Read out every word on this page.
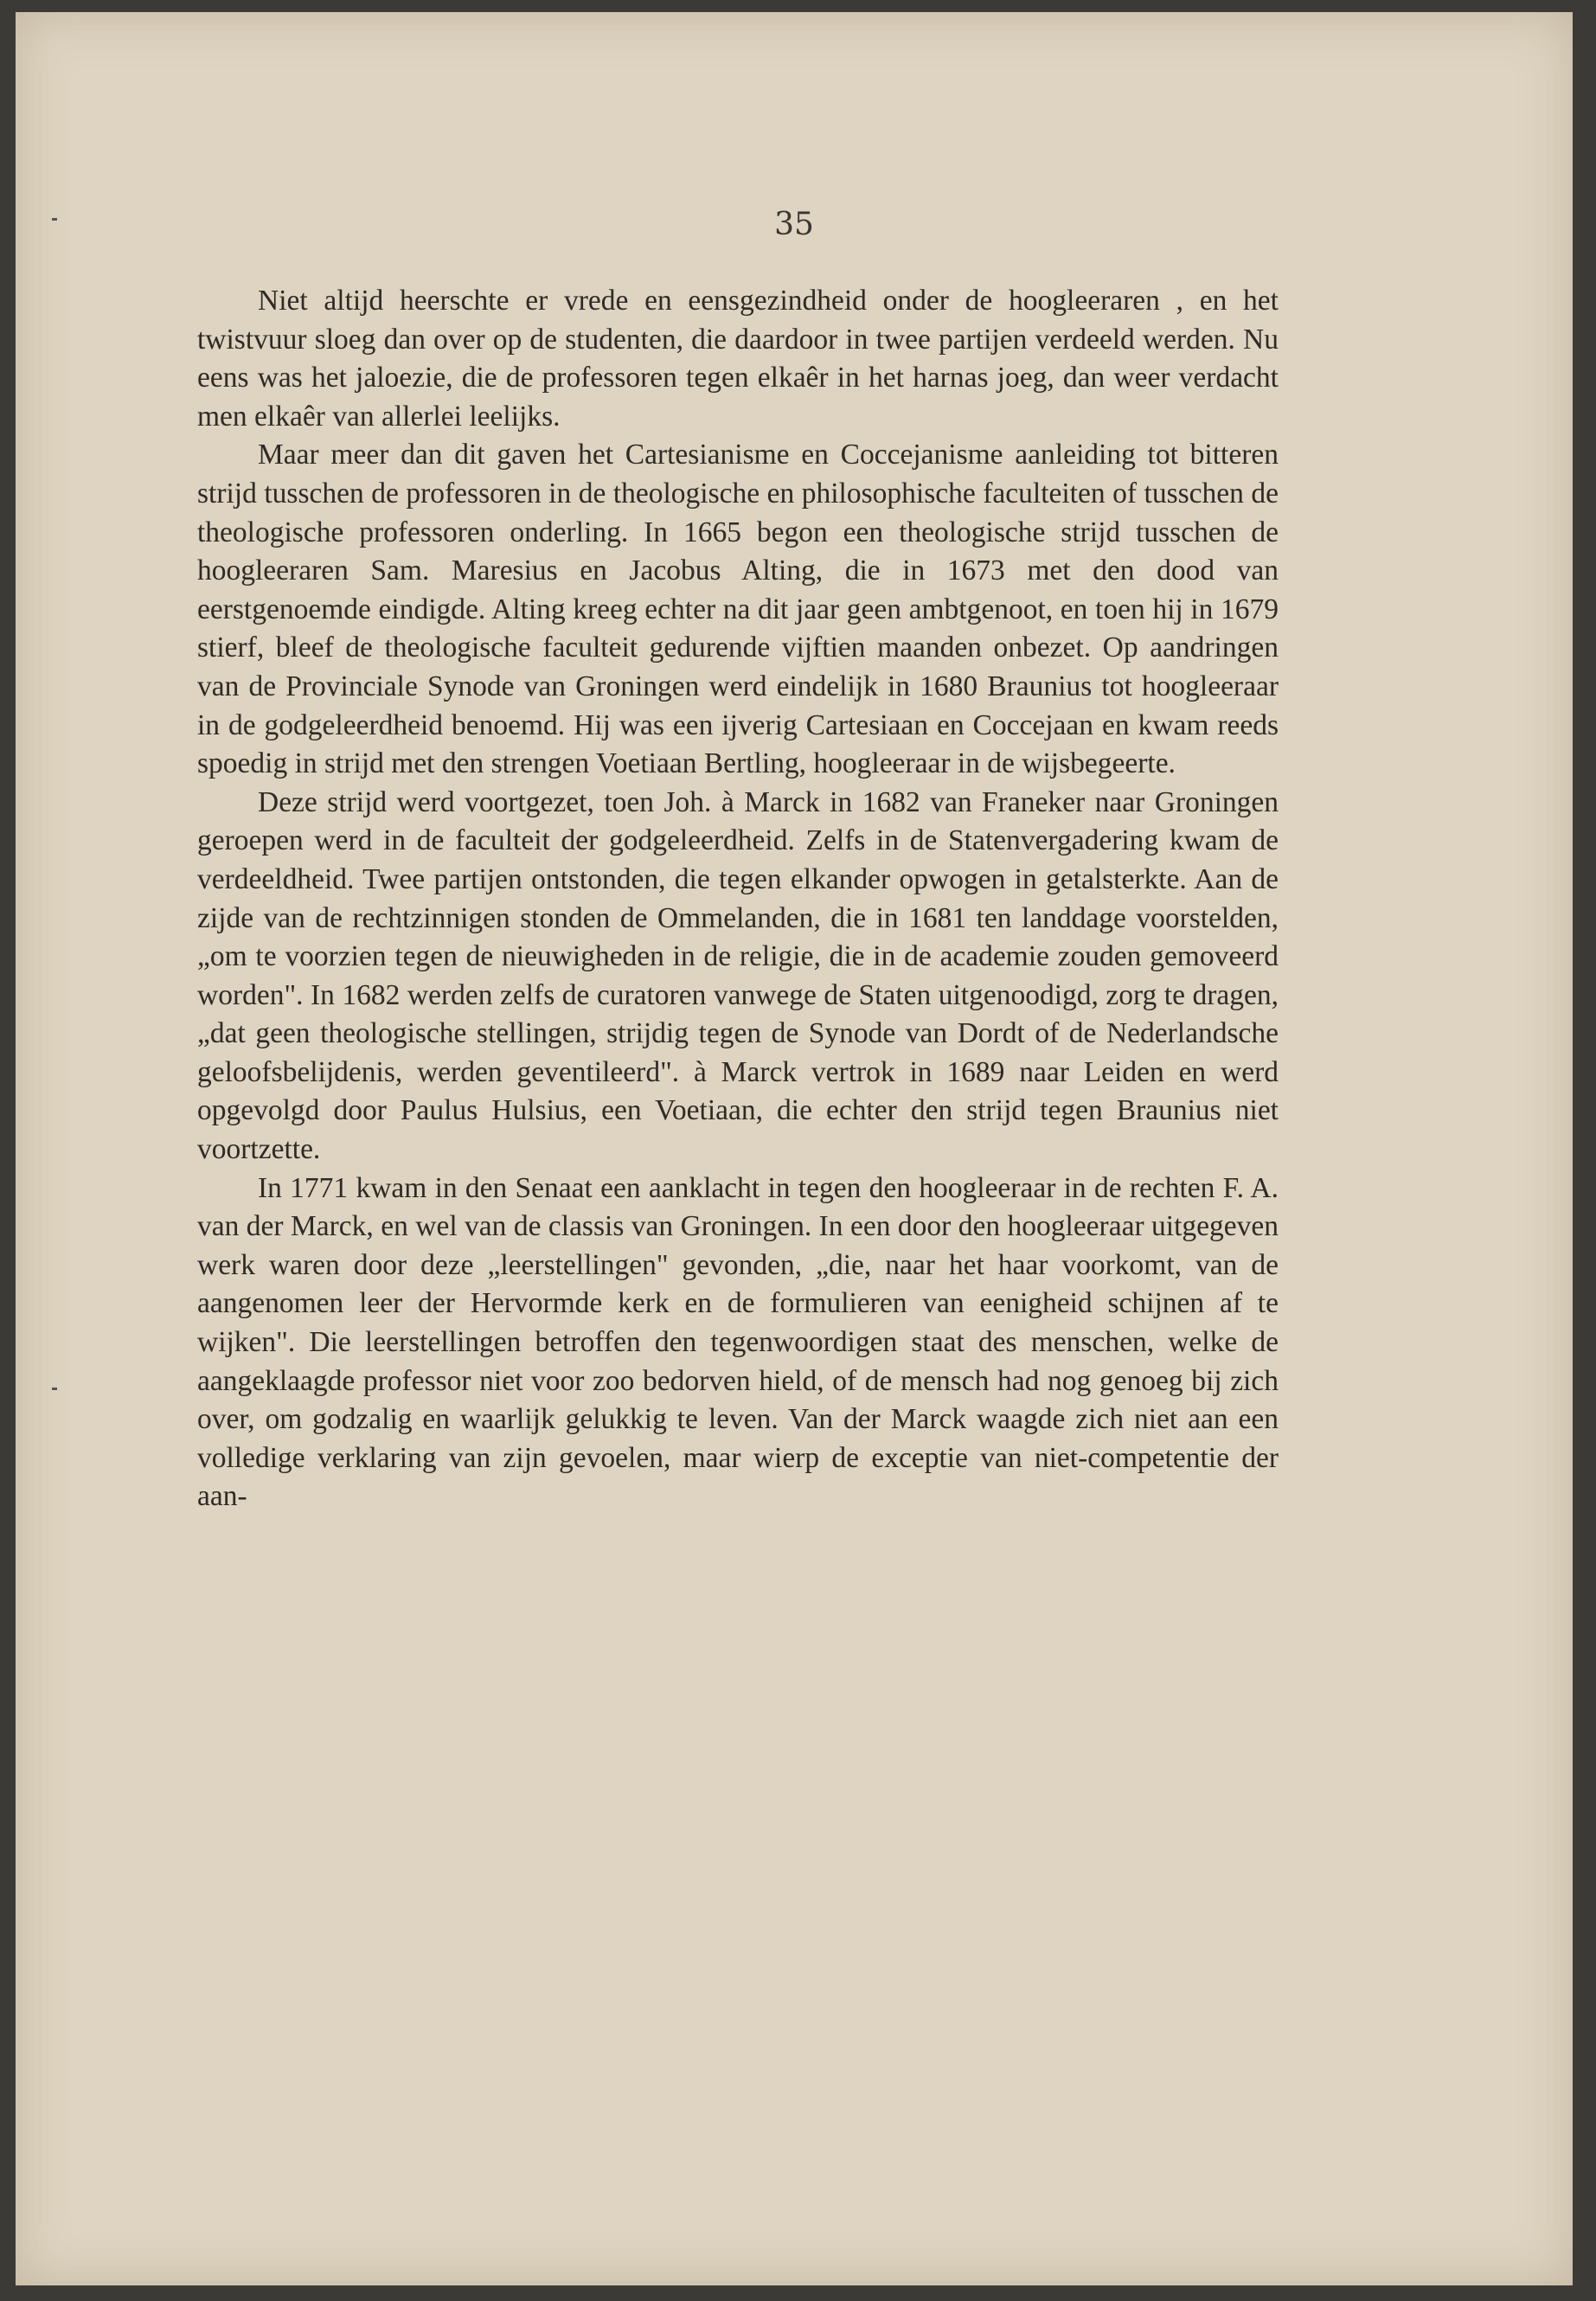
35

Niet altijd heerschte er vrede en eensgezindheid onder de hoogleeraren , en het twistvuur sloeg dan over op de studenten, die daardoor in twee partijen verdeeld werden. Nu eens was het jaloezie, die de professoren tegen elkaêr in het harnas joeg, dan weer verdacht men elkaêr van allerlei leelijks.

Maar meer dan dit gaven het Cartesianisme en Coccejanisme aanleiding tot bitteren strijd tusschen de professoren in de theologische en philosophische faculteiten of tusschen de theologische professoren onderling. In 1665 begon een theologische strijd tusschen de hoogleeraren Sam. Maresius en Jacobus Alting, die in 1673 met den dood van eerstgenoemde eindigde. Alting kreeg echter na dit jaar geen ambtgenoot, en toen hij in 1679 stierf, bleef de theologische faculteit gedurende vijftien maanden onbezet. Op aandringen van de Provinciale Synode van Groningen werd eindelijk in 1680 Braunius tot hoogleeraar in de godgeleerdheid benoemd. Hij was een ijverig Cartesiaan en Coccejaan en kwam reeds spoedig in strijd met den strengen Voetiaan Bertling, hoogleeraar in de wijsbegeerte.

Deze strijd werd voortgezet, toen Joh. à Marck in 1682 van Franeker naar Groningen geroepen werd in de faculteit der godgeleerdheid. Zelfs in de Statenvergadering kwam de verdeeldheid. Twee partijen ontstonden, die tegen elkander opwogen in getalsterkte. Aan de zijde van de rechtzinnigen stonden de Ommelanden, die in 1681 ten landdage voorstelden, „om te voorzien tegen de nieuwigheden in de religie, die in de academie zouden gemoveerd worden". In 1682 werden zelfs de curatoren vanwege de Staten uitgenoodigd, zorg te dragen, „dat geen theologische stellingen, strijdig tegen de Synode van Dordt of de Nederlandsche geloofsbelijdenis, werden geventileerd". à Marck vertrok in 1689 naar Leiden en werd opgevolgd door Paulus Hulsius, een Voetiaan, die echter den strijd tegen Braunius niet voortzette.

In 1771 kwam in den Senaat een aanklacht in tegen den hoogleeraar in de rechten F. A. van der Marck, en wel van de classis van Groningen. In een door den hoogleeraar uitgegeven werk waren door deze „leerstellingen" gevonden, „die, naar het haar voorkomt, van de aangenomen leer der Hervormde kerk en de formulieren van eenigheid schijnen af te wijken". Die leerstellingen betroffen den tegenwoordigen staat des menschen, welke de aangeklaagde professor niet voor zoo bedorven hield, of de mensch had nog genoeg bij zich over, om godzalig en waarlijk gelukkig te leven. Van der Marck waagde zich niet aan een volledige verklaring van zijn gevoelen, maar wierp de exceptie van niet-competentie der aan-
